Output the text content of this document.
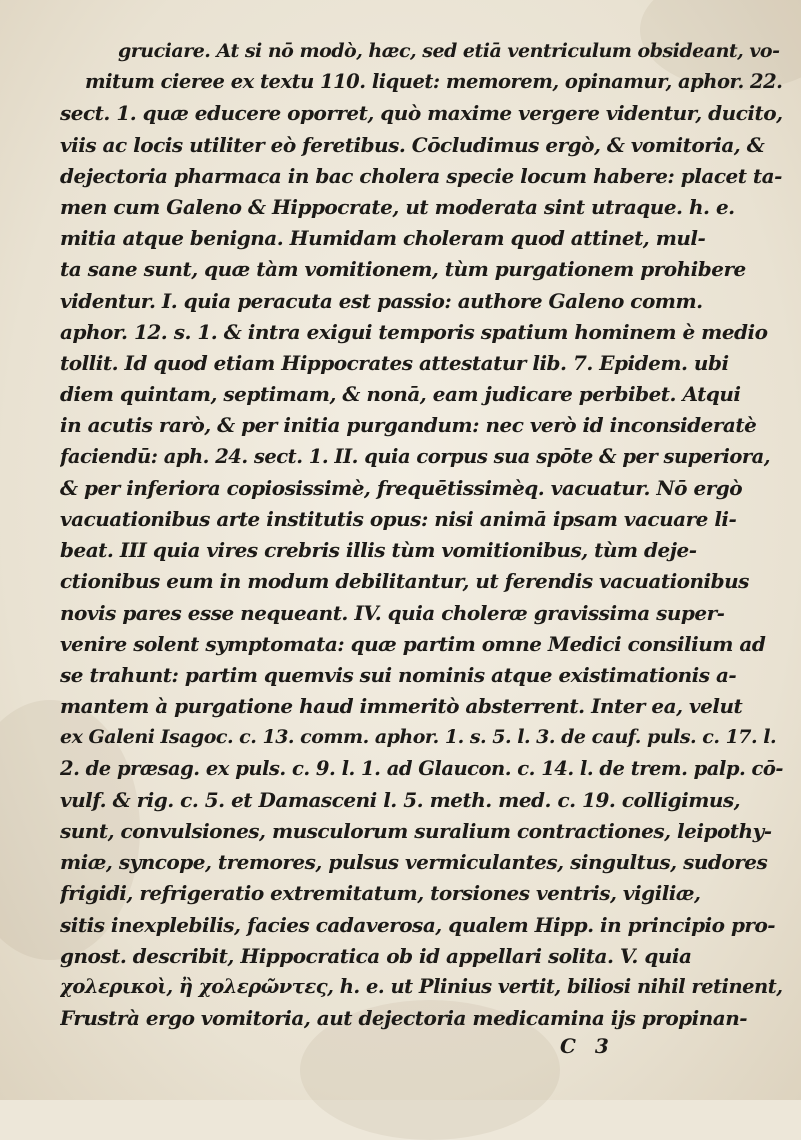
gruciare. At si nō modò, hæc, sed etiā ventriculum obsideant, vo-
mitum cieree ex textu 110. liquet: memorem, opinamur, aphor. 22.
sect. 1. quæ educere oporret, quò maxime vergere videntur, ducito,
viis ac locis utiliter eò feretibus. Cōcludimus ergò, & vomitoria, &
dejectoria pharmaca in bac cholera specie locum habere: placet ta-
men cum Galeno & Hippocrate, ut moderata sint utraque. h. e.
mitia atque benigna. Humidam choleram quod attinet, mul-
ta sane sunt, quæ tàm vomitionem, tùm purgationem prohibere
videntur. I. quia peracuta est passio: authore Galeno comm.
aphor. 12. s. 1. & intra exigui temporis spatium hominem è medio
tollit. Id quod etiam Hippocrates attestatur lib. 7. Epidem. ubi
diem quintam, septimam, & nonā, eam judicare perbibet. Atqui
in acutis rarò, & per initia purgandum: nec verò id inconsideratè
faciendū: aph. 24. sect. 1. II. quia corpus sua spōte & per superiora,
& per inferiora copiosissimè, frequētissimèq. vacuatur. Nō ergò
vacuationibus arte institutis opus: nisi animā ipsam vacuare li-
beat. III quia vires crebris illis tùm vomitionibus, tùm deje-
ctionibus eum in modum debilitantur, ut ferendis vacuationibus
novis pares esse nequeant. IV. quia choleræ gravissima super-
venire solent symptomata: quæ partim omne Medici consilium ad
se trahunt: partim quemvis sui nominis atque existimationis a-
mantem à purgatione haud immeritò absterrent. Inter ea, velut
ex Galeni Isagoc. c. 13. comm. aphor. 1. s. 5. l. 3. de cauf. puls. c. 17. l.
2. de præsag. ex puls. c. 9. l. 1. ad Glaucon. c. 14. l. de trem. palp. cō-
vulf. & rig. c. 5. et Damasceni l. 5. meth. med. c. 19. colligimus,
sunt, convulsiones, musculorum suralium contractiones, leipothy-
miæ, syncope, tremores, pulsus vermiculantes, singultus, sudores
frigidi, refrigeratio extremitatum, torsiones ventris, vigiliæ,
sitis inexplebilis, facies cadaverosa, qualem Hipp. in principio pro-
gnost. describit, Hippocratica ob id appellari solita. V. quia
χολερικοὶ, ἢ χολερῶντες, h. e. ut Plinius vertit, biliosi nihil retinent,
Frustrà ergo vomitoria, aut dejectoria medicamina ijs propinan-
C 3
